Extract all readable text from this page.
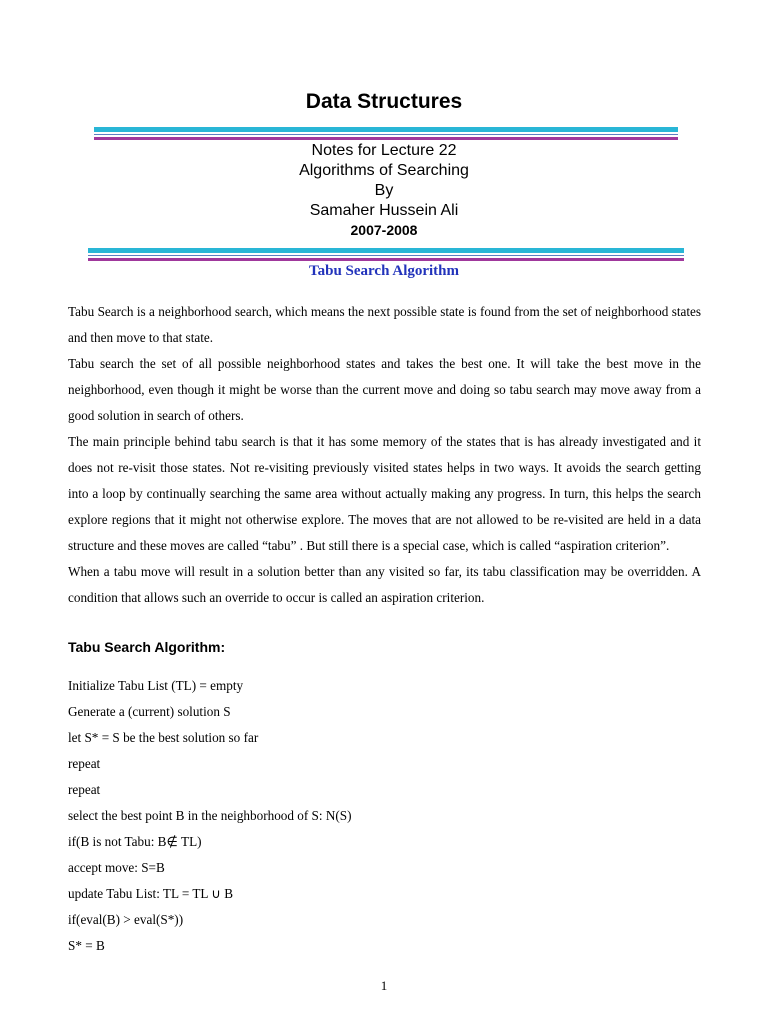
Data Structures
Notes for Lecture 22
Algorithms of Searching
By
Samaher Hussein Ali
2007-2008
Tabu Search Algorithm

Tabu Search is a neighborhood search, which means the next possible state is found from the set of neighborhood states and then move to that state.

Tabu search the set of all possible neighborhood states and takes the best one. It will take the best move in the neighborhood, even though it might be worse than the current move and doing so tabu search may move away from a good solution in search of others.

The main principle behind tabu search is that it has some memory of the states that is has already investigated and it does not re-visit those states. Not re-visiting previously visited states helps in two ways. It avoids the search getting into a loop by continually searching the same area without actually making any progress. In turn, this helps the search explore regions that it might not otherwise explore. The moves that are not allowed to be re-visited are held in a data structure and these moves are called “tabu” . But still there is a special case, which is called “aspiration criterion”.

When a tabu move will result in a solution better than any visited so far, its tabu classification may be overridden. A condition that allows such an override to occur is called an aspiration criterion.

Tabu Search Algorithm:
Initialize Tabu List (TL) = empty
Generate a (current) solution S
let S* = S be the best solution so far
repeat
repeat
select the best point B in the neighborhood of S: N(S)
if(B is not Tabu: B∉ TL)
accept move: S=B
update Tabu List: TL = TL ∪ B
if(eval(B) > eval(S*))
S* = B
1
